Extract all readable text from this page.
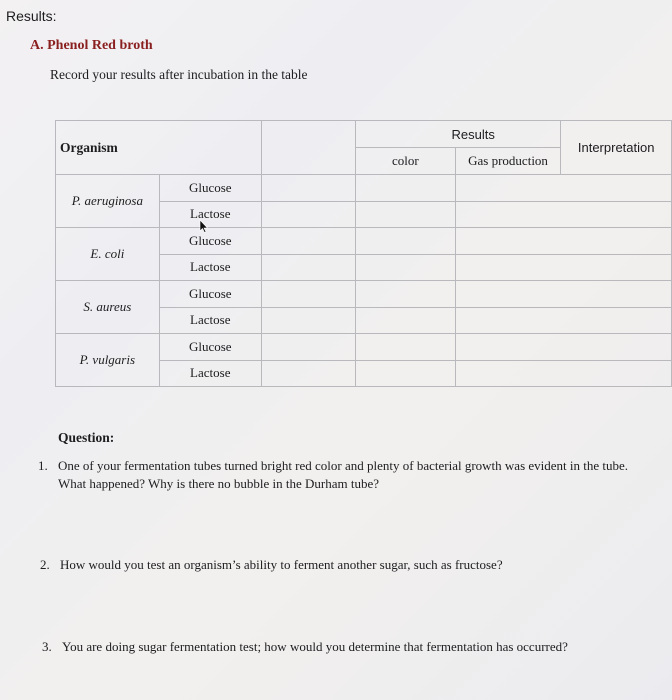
Results:
A. Phenol Red broth
Record your results after incubation in the table
Organism			Results		Interpretation
			color	Gas production	
P. aeruginosa	Glucose				
	Lactose				
E. coli	Glucose				
	Lactose				
S. aureus	Glucose				
	Lactose				
P. vulgaris	Glucose				
	Lactose				
Question:
1. One of your fermentation tubes turned bright red color and plenty of bacterial growth was evident in the tube. What happened? Why is there no bubble in the Durham tube?
2. How would you test an organism’s ability to ferment another sugar, such as fructose?
3. You are doing sugar fermentation test; how would you determine that fermentation has occurred?
